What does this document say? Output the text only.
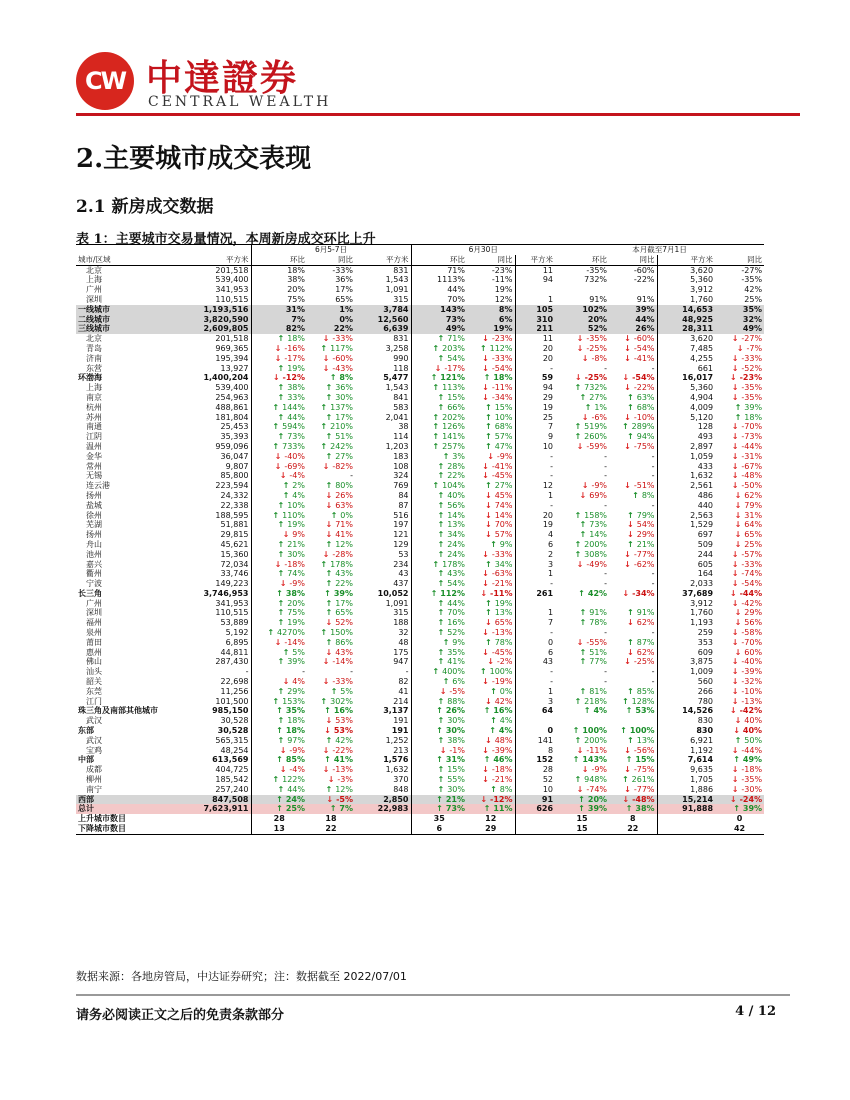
CW 中達證券
CENTRAL WEALTH
2.主要城市成交表现
2.1 新房成交数据
表 1：主要城市交易量情况，本周新房成交环比上升
		6月5-7日			6月30日			本月截至7月1日	
城市/区域	平方米	环比	同比	平方米	环比	同比	平方米	环比	同比	平方米	同比	
北京	201,518	18%	-33%	831	71%	-23%	11	-35%	-60%	3,620	-27%	
上海	539,400	38%	36%	1,543	1113%	-11%	94	732%	-22%	5,360	-35%	
广州	341,953	20%	17%	1,091	44%	19%				3,912	42%	
深圳	110,515	75%	65%	315	70%	12%	1	91%	91%	1,760	25%	
一线城市	1,193,516	31%	1%	3,784	143%	8%	105	102%	39%	14,653	35%	
二线城市	3,820,590	7%	0%	12,560	73%	6%	310	20%	44%	48,925	32%	
三线城市	2,609,805	82%	22%	6,639	49%	19%	211	52%	26%	28,311	49%	
北京	201,518	↑ 18%	↓ -33%	831	↑ 71%	↓ -23%	11	↓ -35%	↓ -60%	3,620	↓ -27%
青岛	969,365	↓ -16%	↑ 117%	3,258	↑ 203%	↑ 112%	20	↓ -25%	↓ -54%	7,485	↓ -7%
济南	195,394	↓ -17%	↓ -60%	990	↑ 54%	↓ -33%	20	↓ -8%	↓ -41%	4,255	↓ -33%
东营	13,927	↑ 19%	↓ -43%	118	↓ -17%	↓ -54%	-	-	-	661	↓ -52%
环渤海	1,400,204	↓ -12%	↑ 8%	5,477	↑ 121%	↑ 18%	59	↓ -25%	↓ -54%	16,017	↓ -23%
上海	539,400	↑ 38%	↑ 36%	1,543	↑ 113%	↓ -11%	94	↑ 732%	↓ -22%	5,360	↓ -35%
南京	254,963	↑ 33%	↑ 30%	841	↑ 15%	↓ -34%	29	↑ 27%	↑ 63%	4,904	↓ -35%
杭州	488,861	↑ 144%	↑ 137%	583	↑ 66%	↑ 15%	19	↑ 1%	↑ 68%	4,009	↑ 39%
苏州	181,804	↑ 44%	↑ 17%	2,041	↑ 202%	↑ 10%	25	↓ -6%	↓ -10%	5,120	↑ 18%
南通	25,453	↑ 594%	↑ 210%	38	↑ 126%	↑ 68%	7	↑ 519%	↑ 289%	128	↓ -70%
江阴	35,393	↑ 73%	↑ 51%	114	↑ 141%	↑ 57%	9	↑ 260%	↑ 94%	493	↓ -73%
温州	959,096	↑ 733%	↑ 242%	1,203	↑ 257%	↑ 47%	10	↓ -59%	↓ -75%	2,897	↓ -44%
金华	36,047	↓ -40%	↑ 27%	183	↑ 3%	↓ -9%	-	-	-	1,059	↓ -31%
常州	9,807	↓ -69%	↓ -82%	108	↑ 28%	↓ -41%	-	-	-	433	↓ -67%
无锡	85,800	↓ -4%	-	324	↑ 22%	↓ -45%	-	-	-	1,632	↓ -48%
连云港	223,594	↑ 2%	↑ 80%	769	↑ 104%	↑ 27%	12	↓ -9%	↓ -51%	2,561	↓ -50%
扬州	24,332	↑ 4%	↓ 26%	84	↑ 40%	↓ 45%	1	↓ 69%	↑ 8%	486	↓ 62%
盐城	22,338	↑ 10%	↓ 63%	87	↑ 56%	↓ 74%	-	-	-	440	↓ 79%
徐州	188,595	↑ 110%	↑ 0%	516	↑ 14%	↓ 14%	20	↑ 158%	↑ 79%	2,563	↓ 31%
芜湖	51,881	↑ 19%	↓ 71%	197	↑ 13%	↓ 70%	19	↑ 73%	↓ 54%	1,529	↓ 64%
扬州	29,815	↓ 9%	↓ 41%	121	↑ 34%	↓ 57%	4	↑ 14%	↓ 29%	697	↓ 65%
舟山	45,621	↑ 21%	↑ 12%	129	↑ 24%	↑ 9%	6	↑ 200%	↑ 21%	509	↓ 25%
池州	15,360	↑ 30%	↓ -28%	53	↑ 24%	↓ -33%	2	↑ 308%	↓ -77%	244	↓ -57%
嘉兴	72,034	↓ -18%	↑ 178%	234	↑ 178%	↑ 34%	3	↓ -49%	↓ -62%	605	↓ -33%
衢州	33,746	↑ 74%	↑ 43%	43	↑ 43%	↓ -63%	1	-	-	164	↓ -74%
宁波	149,223	↓ -9%	↑ 22%	437	↑ 54%	↓ -21%	-	-	-	2,033	↓ -54%
长三角	3,746,953	↑ 38%	↑ 39%	10,052	↑ 112%	↓ -11%	261	↑ 42%	↓ -34%	37,689	↓ -44%
广州	341,953	↑ 20%	↑ 17%	1,091	↑ 44%	↑ 19%				3,912	↓ -42%
深圳	110,515	↑ 75%	↑ 65%	315	↑ 70%	↑ 13%	1	↑ 91%	↑ 91%	1,760	↓ 29%
福州	53,889	↑ 19%	↓ 52%	188	↑ 16%	↓ 65%	7	↑ 78%	↓ 62%	1,193	↓ 56%
泉州	5,192	↑ 4270%	↑ 150%	32	↑ 52%	↓ -13%	-	-	-	259	↓ -58%
莆田	6,895	↓ -14%	↑ 86%	48	↑ 9%	↑ 78%	0	↓ -55%	↑ 87%	353	↓ -70%
惠州	44,811	↑ 5%	↓ 43%	175	↑ 35%	↓ -45%	6	↑ 51%	↓ 62%	609	↓ 60%
佛山	287,430	↑ 39%	↓ -14%	947	↑ 41%	↓ -2%	43	↑ 77%	↓ -25%	3,875	↓ -40%
汕头	-	-	-	-	↑ 400%	↑ 100%	-	-	-	1,009	↓ -39%
韶关	22,698	↓ 4%	↓ -33%	82	↑ 6%	↓ -19%	-	-	-	560	↓ -32%
东莞	11,256	↑ 29%	↑ 5%	41	↓ -5%	↑ 0%	1	↑ 81%	↑ 85%	266	↓ -10%
江门	101,500	↑ 153%	↑ 302%	214	↑ 88%	↓ 42%	3	↑ 218%	↑ 128%	780	↓ -13%
珠三角及南部其他城市	985,150	↑ 35%	↑ 16%	3,137	↑ 26%	↑ 16%	64	↑ 4%	↑ 53%	14,526	↓ -42%
武汉	30,528	↑ 18%	↓ 53%	191	↑ 30%	↑ 4%				830	↓ 40%
东部	30,528	↑ 18%	↓ 53%	191	↑ 30%	↑ 4%	0	↑ 100%	↑ 100%	830	↓ 40%
武汉	565,315	↑ 97%	↑ 42%	1,252	↑ 38%	↓ 48%	141	↑ 200%	↑ 13%	6,921	↑ 50%
宝鸡	48,254	↓ -9%	↓ -22%	213	↓ -1%	↓ -39%	8	↓ -11%	↓ -56%	1,192	↓ -44%
中部	613,569	↑ 85%	↑ 41%	1,576	↑ 31%	↑ 46%	152	↑ 143%	↑ 15%	7,614	↑ 49%
成都	404,725	↓ -4%	↓ -13%	1,632	↑ 15%	↓ -18%	28	↓ -9%	↓ -75%	9,635	↓ -18%
柳州	185,542	↑ 122%	↓ -3%	370	↑ 55%	↓ -21%	52	↑ 948%	↑ 261%	1,705	↓ -35%
南宁	257,240	↑ 44%	↑ 12%	848	↑ 30%	↑ 8%	10	↓ -74%	↓ -77%	1,886	↓ -30%
西部	847,508	↑ 24%	↓ -5%	2,850	↑ 21%	↓ -12%	91	↑ 20%	↓ -48%	15,214	↓ -24%
总计	7,623,911	↑ 25%	↑ 7%	22,983	↑ 73%	↑ 11%	626	↑ 39%	↑ 38%	91,888	↑ 39%
上升城市数目		28	18		35	12		15	8		0	
下降城市数目		13	22		6	29		15	22		42	
数据来源：各地房管局，中达证券研究；注：数据截至 2022/07/01
请务必阅读正文之后的免责条款部分	4 / 12
